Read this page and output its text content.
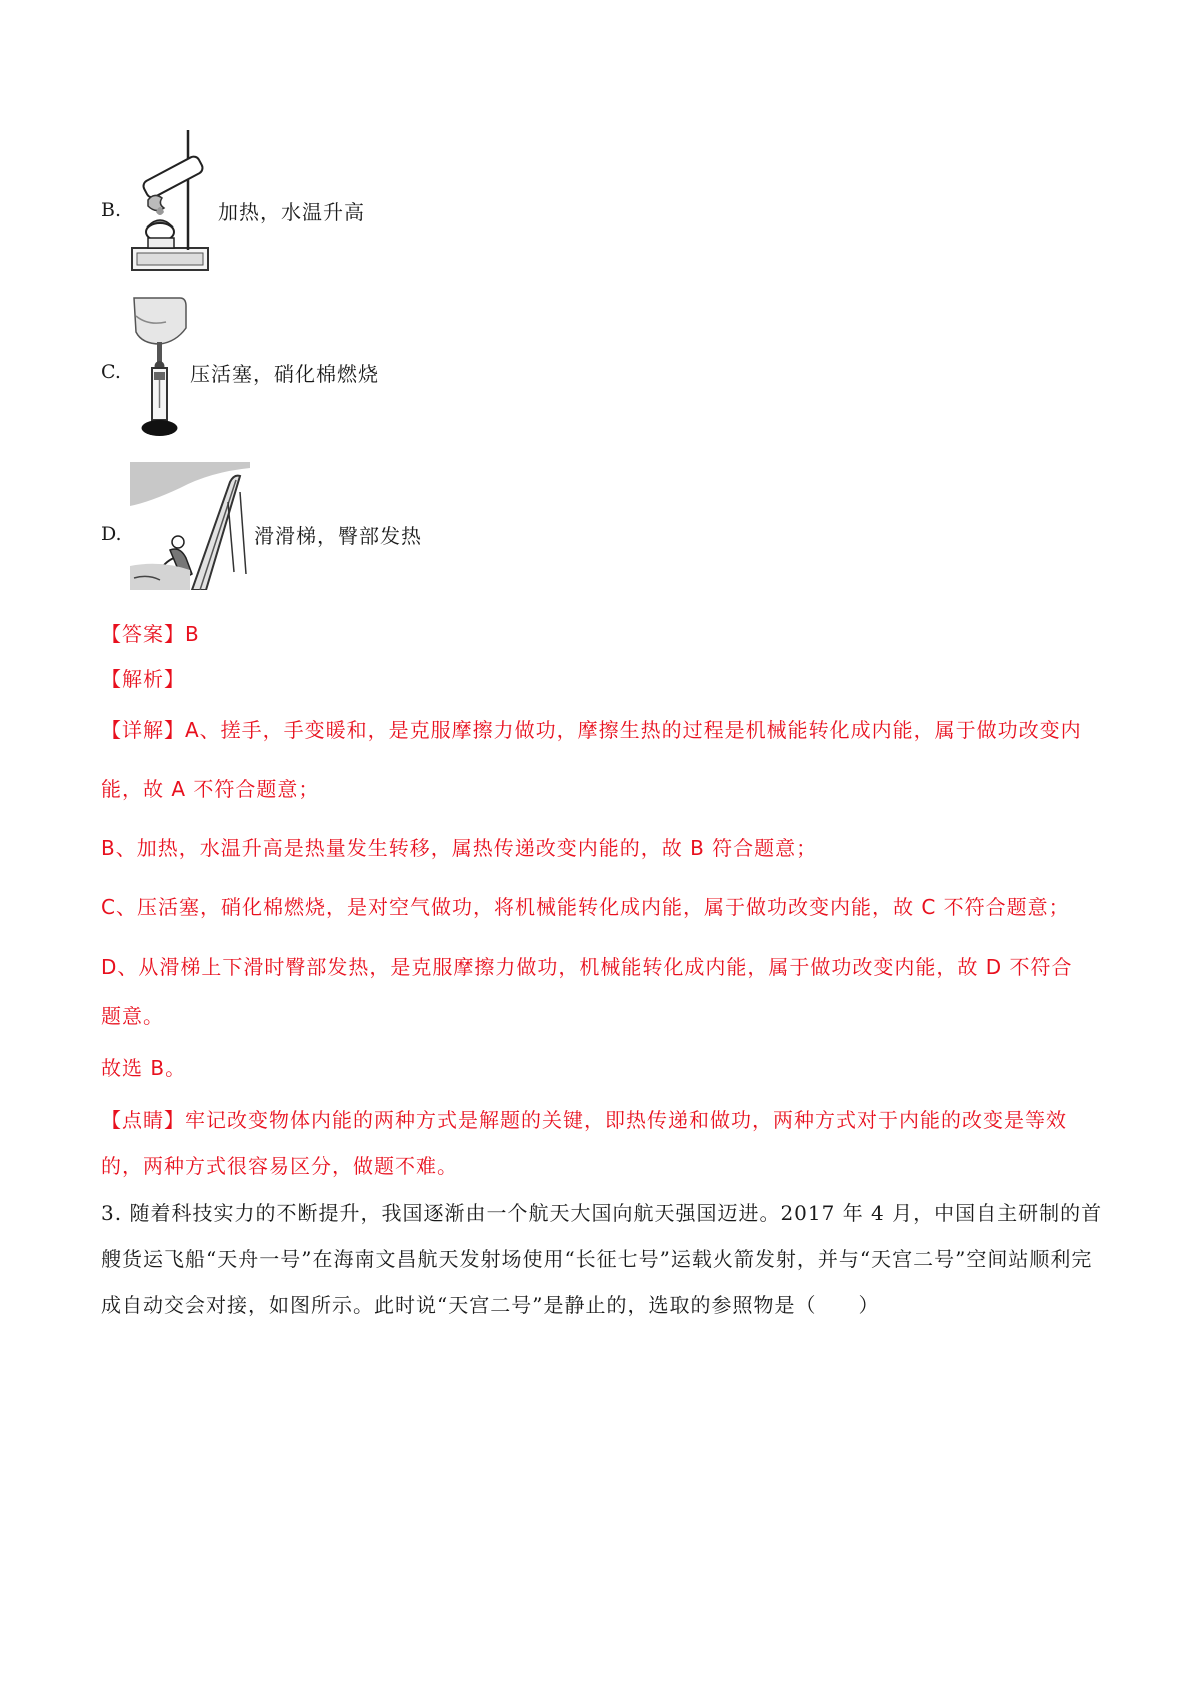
B.	加热，水温升高
C.	压活塞，硝化棉燃烧
D.	滑滑梯，臀部发热
【答案】B
【解析】
【详解】A、搓手，手变暖和，是克服摩擦力做功，摩擦生热的过程是机械能转化成内能，属于做功改变内
能，故 A 不符合题意；
B、加热，水温升高是热量发生转移，属热传递改变内能的，故 B 符合题意；
C、压活塞，硝化棉燃烧，是对空气做功，将机械能转化成内能，属于做功改变内能，故 C 不符合题意；
D、从滑梯上下滑时臀部发热，是克服摩擦力做功，机械能转化成内能，属于做功改变内能，故 D 不符合
题意。
故选 B。
【点睛】牢记改变物体内能的两种方式是解题的关键，即热传递和做功，两种方式对于内能的改变是等效
的，两种方式很容易区分，做题不难。
3. 随着科技实力的不断提升，我国逐渐由一个航天大国向航天强国迈进。2017 年 4 月，中国自主研制的首
艘货运飞船“天舟一号”在海南文昌航天发射场使用“长征七号”运载火箭发射，并与“天宫二号”空间站顺利完
成自动交会对接，如图所示。此时说“天宫二号”是静止的，选取的参照物是（　　）
